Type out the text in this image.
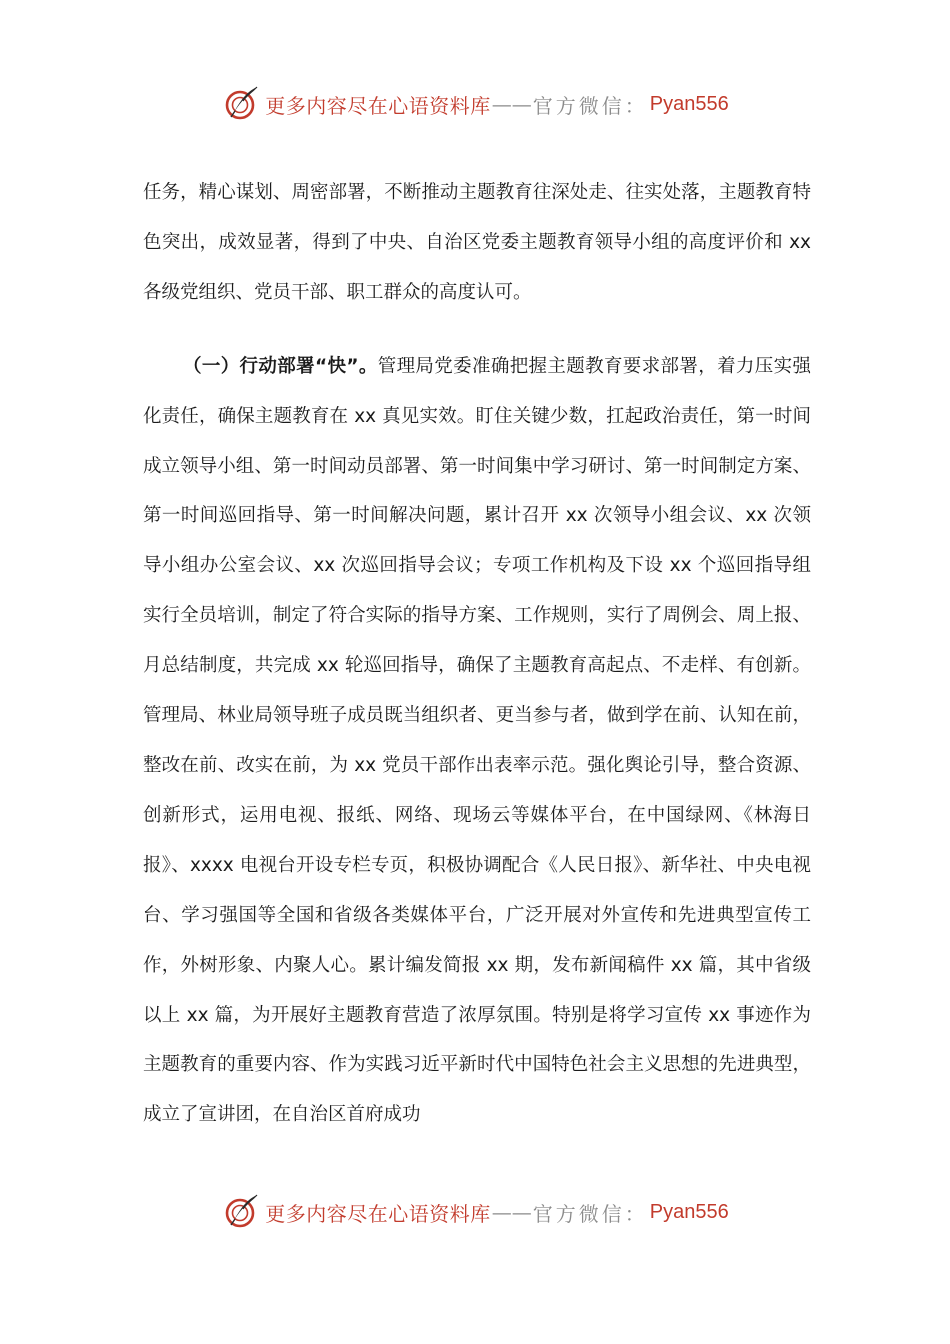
更多内容尽在心语资料库 —— 官方微信： Pyan556

任务，精心谋划、周密部署，不断推动主题教育往深处走、往实处落，主题教育特色突出，成效显著，得到了中央、自治区党委主题教育领导小组的高度评价和 xx 各级党组织、党员干部、职工群众的高度认可。

（一）行动部署“快”。管理局党委准确把握主题教育要求部署，着力压实强化责任，确保主题教育在 xx 真见实效。盯住关键少数，扛起政治责任，第一时间成立领导小组、第一时间动员部署、第一时间集中学习研讨、第一时间制定方案、第一时间巡回指导、第一时间解决问题，累计召开 xx 次领导小组会议、xx 次领导小组办公室会议、xx 次巡回指导会议；专项工作机构及下设 xx 个巡回指导组实行全员培训，制定了符合实际的指导方案、工作规则，实行了周例会、周上报、月总结制度，共完成 xx 轮巡回指导，确保了主题教育高起点、不走样、有创新。管理局、林业局领导班子成员既当组织者、更当参与者，做到学在前、认知在前，整改在前、改实在前，为 xx 党员干部作出表率示范。强化舆论引导，整合资源、创新形式，运用电视、报纸、网络、现场云等媒体平台，在中国绿网、《林海日报》、xxxx 电视台开设专栏专页，积极协调配合《人民日报》、新华社、中央电视台、学习强国等全国和省级各类媒体平台，广泛开展对外宣传和先进典型宣传工作，外树形象、内聚人心。累计编发简报 xx 期，发布新闻稿件 xx 篇，其中省级以上 xx 篇，为开展好主题教育营造了浓厚氛围。特别是将学习宣传 xx 事迹作为主题教育的重要内容、作为实践习近平新时代中国特色社会主义思想的先进典型，成立了宣讲团，在自治区首府成功

更多内容尽在心语资料库 —— 官方微信： Pyan556
